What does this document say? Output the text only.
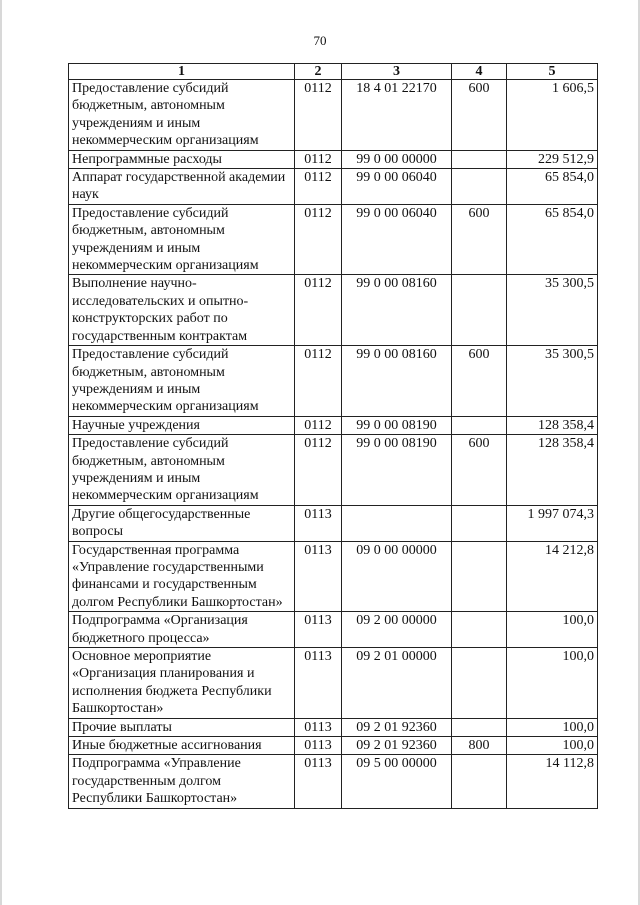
70
1	2	3	4	5
Предоставление субсидий бюджетным, автономным учреждениям и иным некоммерческим организациям	0112	18 4 01 22170	600	1 606,5
Непрограммные расходы	0112	99 0 00 00000		229 512,9
Аппарат государственной академии наук	0112	99 0 00 06040		65 854,0
Предоставление субсидий бюджетным, автономным учреждениям и иным некоммерческим организациям	0112	99 0 00 06040	600	65 854,0
Выполнение научно-исследовательских и опытно-конструкторских работ по государственным контрактам	0112	99 0 00 08160		35 300,5
Предоставление субсидий бюджетным, автономным учреждениям и иным некоммерческим организациям	0112	99 0 00 08160	600	35 300,5
Научные учреждения	0112	99 0 00 08190		128 358,4
Предоставление субсидий бюджетным, автономным учреждениям и иным некоммерческим организациям	0112	99 0 00 08190	600	128 358,4
Другие общегосударственные вопросы	0113			1 997 074,3
Государственная программа «Управление государственными финансами и государственным долгом Республики Башкортостан»	0113	09 0 00 00000		14 212,8
Подпрограмма «Организация бюджетного процесса»	0113	09 2 00 00000		100,0
Основное мероприятие «Организация планирования и исполнения бюджета Республики Башкортостан»	0113	09 2 01 00000		100,0
Прочие выплаты	0113	09 2 01 92360		100,0
Иные бюджетные ассигнования	0113	09 2 01 92360	800	100,0
Подпрограмма «Управление государственным долгом Республики Башкортостан»	0113	09 5 00 00000		14 112,8
